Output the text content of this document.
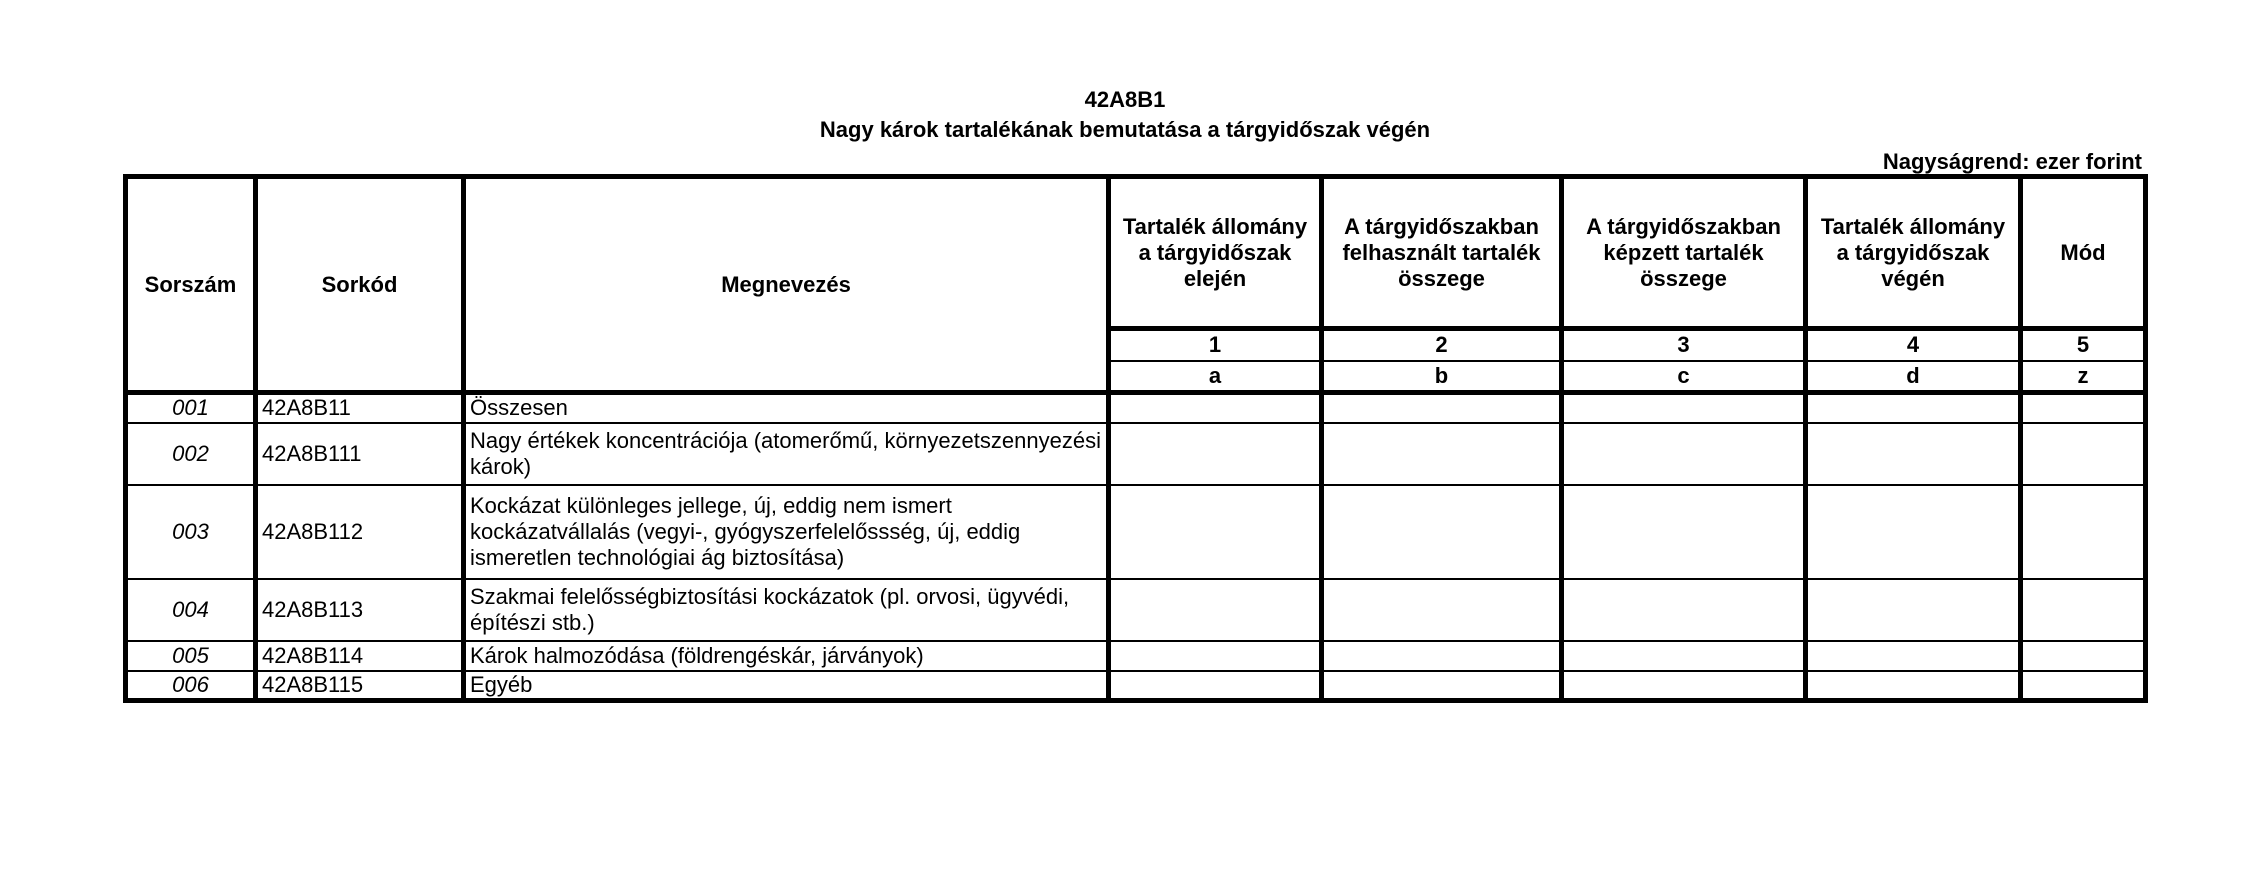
42A8B1
Nagy károk tartalékának bemutatása a tárgyidőszak végén
Nagyságrend: ezer forint
Sorszám	Sorkód	Megnevezés	Tartalék állomány a tárgyidőszak elején	A tárgyidőszakban felhasznált tartalék összege	A tárgyidőszakban képzett tartalék összege	Tartalék állomány a tárgyidőszak végén	Mód
			1	2	3	4	5
			a	b	c	d	z
001	42A8B11	Összesen					
002	42A8B111	Nagy értékek koncentrációja (atomerőmű, környezetszennyezési károk)					
003	42A8B112	Kockázat különleges jellege, új, eddig nem ismert kockázatvállalás (vegyi-, gyógyszerfelelőssség, új, eddig ismeretlen technológiai ág biztosítása)					
004	42A8B113	Szakmai felelősségbiztosítási kockázatok (pl. orvosi, ügyvédi, építészi stb.)					
005	42A8B114	Károk halmozódása (földrengéskár, járványok)					
006	42A8B115	Egyéb					
